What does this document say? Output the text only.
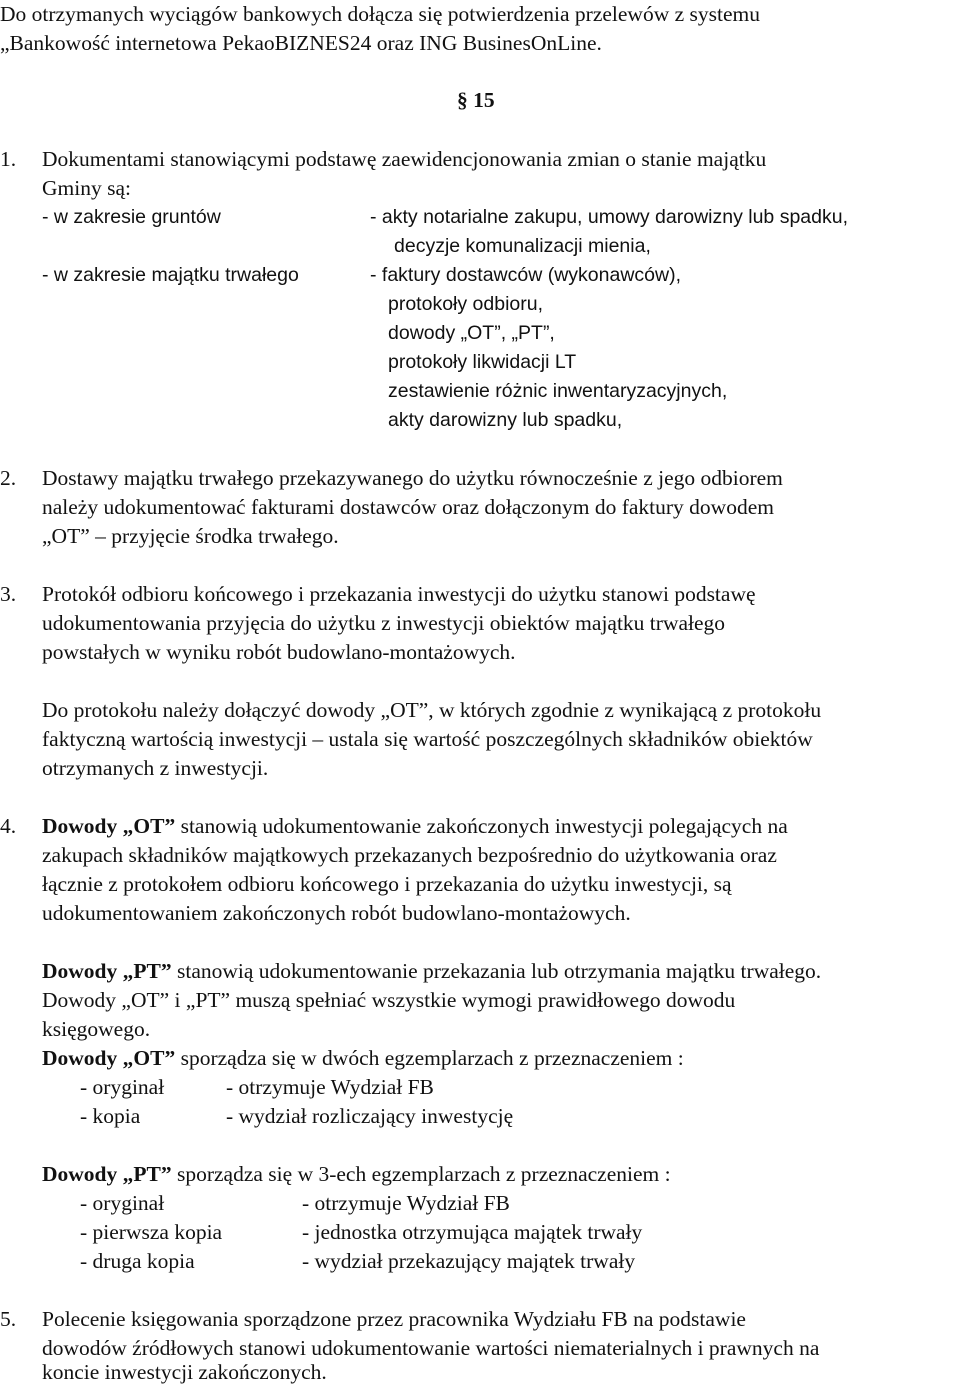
Do otrzymanych wyciągów bankowych dołącza się potwierdzenia przelewów z systemu
„Bankowość internetowa PekaoBIZNES24 oraz ING BusinesOnLine.
§ 15
1. Dokumentami stanowiącymi podstawę zaewidencjonowania zmian o stanie majątku
Gminy są:
- w zakresie gruntów	- akty notarialne zakupu, umowy darowizny lub spadku,
decyzje komunalizacji mienia,
- w zakresie majątku trwałego	- faktury dostawców (wykonawców),
protokoły odbioru,
dowody „OT”, „PT”,
protokoły likwidacji LT
zestawienie różnic inwentaryzacyjnych,
akty darowizny lub spadku,
2. Dostawy majątku trwałego przekazywanego do użytku równocześnie z jego odbiorem
należy udokumentować fakturami dostawców oraz dołączonym do faktury dowodem
„OT” – przyjęcie środka trwałego.
3. Protokół odbioru końcowego i przekazania inwestycji do użytku stanowi podstawę
udokumentowania przyjęcia do użytku z inwestycji obiektów majątku trwałego
powstałych w wyniku robót budowlano-montażowych.
Do protokołu należy dołączyć dowody „OT”, w których zgodnie z wynikającą z protokołu
faktyczną wartością inwestycji – ustala się wartość poszczególnych składników obiektów
otrzymanych z inwestycji.
4. Dowody „OT” stanowią udokumentowanie zakończonych inwestycji polegających na
zakupach składników majątkowych przekazanych bezpośrednio do użytkowania oraz
łącznie z protokołem odbioru końcowego i przekazania do użytku inwestycji, są
udokumentowaniem zakończonych robót budowlano-montażowych.
Dowody „PT” stanowią udokumentowanie przekazania lub otrzymania majątku trwałego.
Dowody „OT” i „PT” muszą spełniać wszystkie wymogi prawidłowego dowodu
księgowego.
Dowody „OT” sporządza się w dwóch egzemplarzach z przeznaczeniem :
- oryginał	- otrzymuje Wydział FB
- kopia	- wydział rozliczający inwestycję
Dowody „PT” sporządza się w 3-ech egzemplarzach z przeznaczeniem :
- oryginał	- otrzymuje Wydział FB
- pierwsza kopia	- jednostka otrzymująca majątek trwały
- druga kopia	- wydział przekazujący majątek trwały
5. Polecenie księgowania sporządzone przez pracownika Wydziału FB na podstawie
dowodów źródłowych stanowi udokumentowanie wartości niematerialnych i prawnych na
koncie inwestycji zakończonych.
